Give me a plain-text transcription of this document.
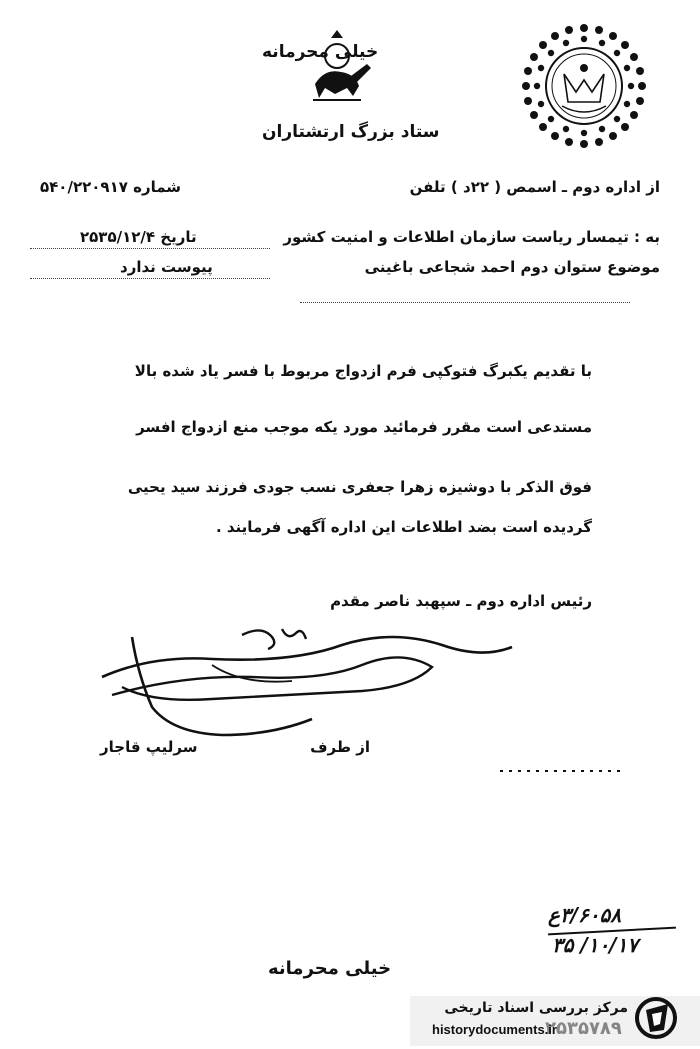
خیلی محرمانه
ستاد بزرگ ارتشتاران
از اداره دوم ـ اسمص ( ۲۲د ) تلفن
شماره ۵۴۰/۲۲۰۹۱۷
به : تیمسار ریاست سازمان اطلاعات و امنیت کشور
تاریخ ۲۵۳۵/۱۲/۴
موضوع ستوان دوم احمد شجاعی باغینی
پیوست ندارد
با تقدیم یکبرگ فتوکپی فرم ازدواج مربوط با فسر یاد شده بالا
مستدعی است مقرر فرمائید مورد یکه موجب منع ازدواج افسر
فوق الذکر با دوشیزه زهرا جعفری نسب جودی فرزند سید یحیی
گردیده است بضد اطلاعات این اداره آگهی فرمایند .
رئیس اداره دوم ـ سپهبد ناصر مقدم
از طرف
سرلیپ قاجار
۳/۶۰۵۸ع
۱۰/۱۷/ ۳۵
خیلی محرمانه
مرکز بررسی اسناد تاریخی
historydocuments.ir
